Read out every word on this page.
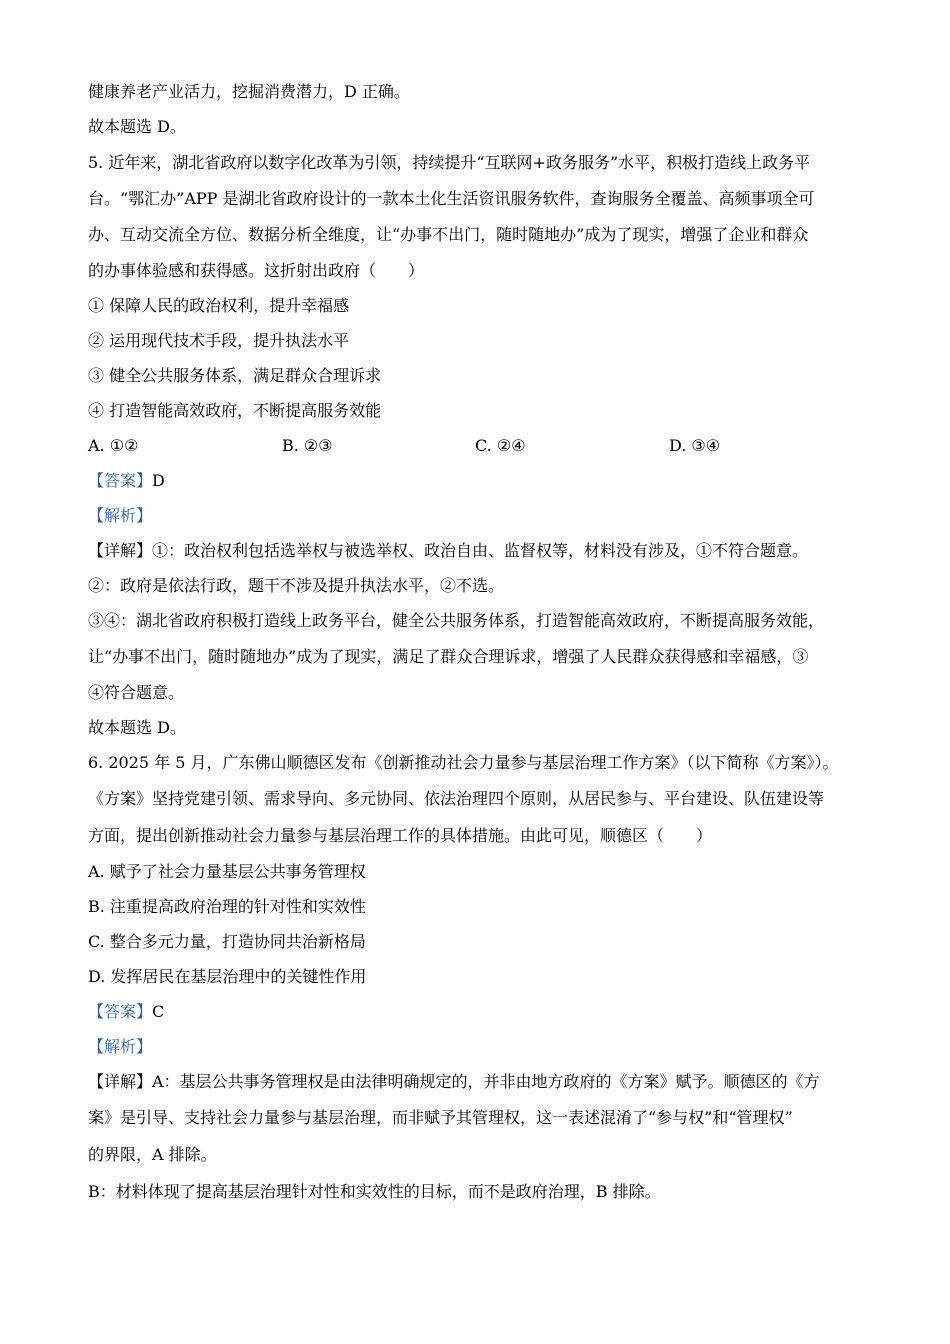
健康养老产业活力，挖掘消费潜力，D 正确。
故本题选 D。
5. 近年来，湖北省政府以数字化改革为引领，持续提升“互联网+政务服务”水平，积极打造线上政务平
台。“鄂汇办”APP 是湖北省政府设计的一款本土化生活资讯服务软件，查询服务全覆盖、高频事项全可
办、互动交流全方位、数据分析全维度，让“办事不出门，随时随地办”成为了现实，增强了企业和群众
的办事体验感和获得感。这折射出政府（　　）
① 保障人民的政治权利，提升幸福感
② 运用现代技术手段，提升执法水平
③ 健全公共服务体系，满足群众合理诉求
④ 打造智能高效政府，不断提高服务效能
A. ①②	B. ②③	C. ②④	D. ③④
【答案】D
【解析】
【详解】①：政治权利包括选举权与被选举权、政治自由、监督权等，材料没有涉及，①不符合题意。
②：政府是依法行政，题干不涉及提升执法水平，②不选。
③④：湖北省政府积极打造线上政务平台，健全公共服务体系，打造智能高效政府，不断提高服务效能，
让“办事不出门，随时随地办”成为了现实，满足了群众合理诉求，增强了人民群众获得感和幸福感，③
④符合题意。
故本题选 D。
6. 2025 年 5 月，广东佛山顺德区发布《创新推动社会力量参与基层治理工作方案》（以下简称《方案》）。
《方案》坚持党建引领、需求导向、多元协同、依法治理四个原则，从居民参与、平台建设、队伍建设等
方面，提出创新推动社会力量参与基层治理工作的具体措施。由此可见，顺德区（　　）
A. 赋予了社会力量基层公共事务管理权
B. 注重提高政府治理的针对性和实效性
C. 整合多元力量，打造协同共治新格局
D. 发挥居民在基层治理中的关键性作用
【答案】C
【解析】
【详解】A：基层公共事务管理权是由法律明确规定的，并非由地方政府的《方案》赋予。顺德区的《方
案》是引导、支持社会力量参与基层治理，而非赋予其管理权，这一表述混淆了“参与权”和“管理权”
的界限，A 排除。
B：材料体现了提高基层治理针对性和实效性的目标，而不是政府治理，B 排除。
